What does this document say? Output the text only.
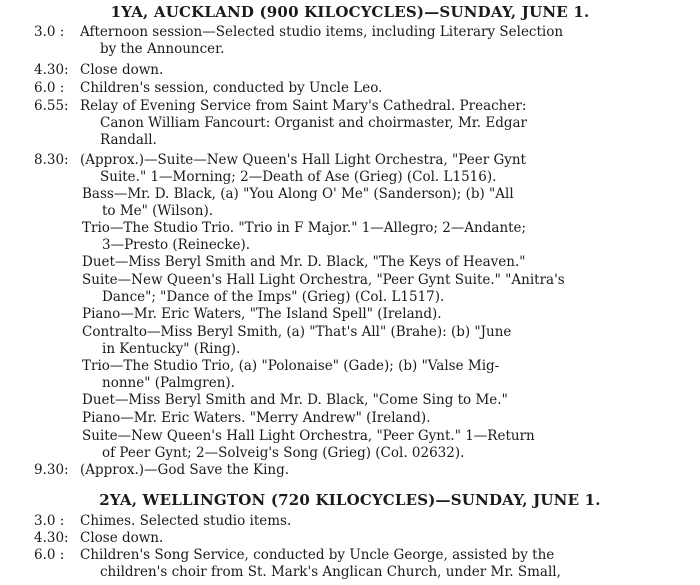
1YA, AUCKLAND (900 KILOCYCLES)—SUNDAY, JUNE 1.
3.0 :	Afternoon session—Selected studio items, including Literary Selection
by the Announcer.
4.30: Close down.
6.0 :	Children's session, conducted by Uncle Leo.
6.55: Relay of Evening Service from Saint Mary's Cathedral. Preacher:
Canon William Fancourt: Organist and choirmaster, Mr. Edgar
Randall.
8.30: (Approx.)—Suite—New Queen's Hall Light Orchestra, "Peer Gynt
Suite." 1—Morning; 2—Death of Ase (Grieg) (Col. L1516).
Bass—Mr. D. Black, (a) "You Along O' Me" (Sanderson); (b) "All
to Me" (Wilson).
Trio—The Studio Trio. "Trio in F Major." 1—Allegro; 2—Andante;
3—Presto (Reinecke).
Duet—Miss Beryl Smith and Mr. D. Black, "The Keys of Heaven."
Suite—New Queen's Hall Light Orchestra, "Peer Gynt Suite." "Anitra's
Dance"; "Dance of the Imps" (Grieg) (Col. L1517).
Piano—Mr. Eric Waters, "The Island Spell" (Ireland).
Contralto—Miss Beryl Smith, (a) "That's All" (Brahe): (b) "June
in Kentucky" (Ring).
Trio—The Studio Trio, (a) "Polonaise" (Gade); (b) "Valse Mig-
nonne" (Palmgren).
Duet—Miss Beryl Smith and Mr. D. Black, "Come Sing to Me."
Piano—Mr. Eric Waters. "Merry Andrew" (Ireland).
Suite—New Queen's Hall Light Orchestra, "Peer Gynt." 1—Return
of Peer Gynt; 2—Solveig's Song (Grieg) (Col. 02632).
9.30: (Approx.)—God Save the King.
2YA, WELLINGTON (720 KILOCYCLES)—SUNDAY, JUNE 1.
3.0 :	Chimes. Selected studio items.
4.30: Close down.
6.0 :	Children's Song Service, conducted by Uncle George, assisted by the
children's choir from St. Mark's Anglican Church, under Mr. Small,
